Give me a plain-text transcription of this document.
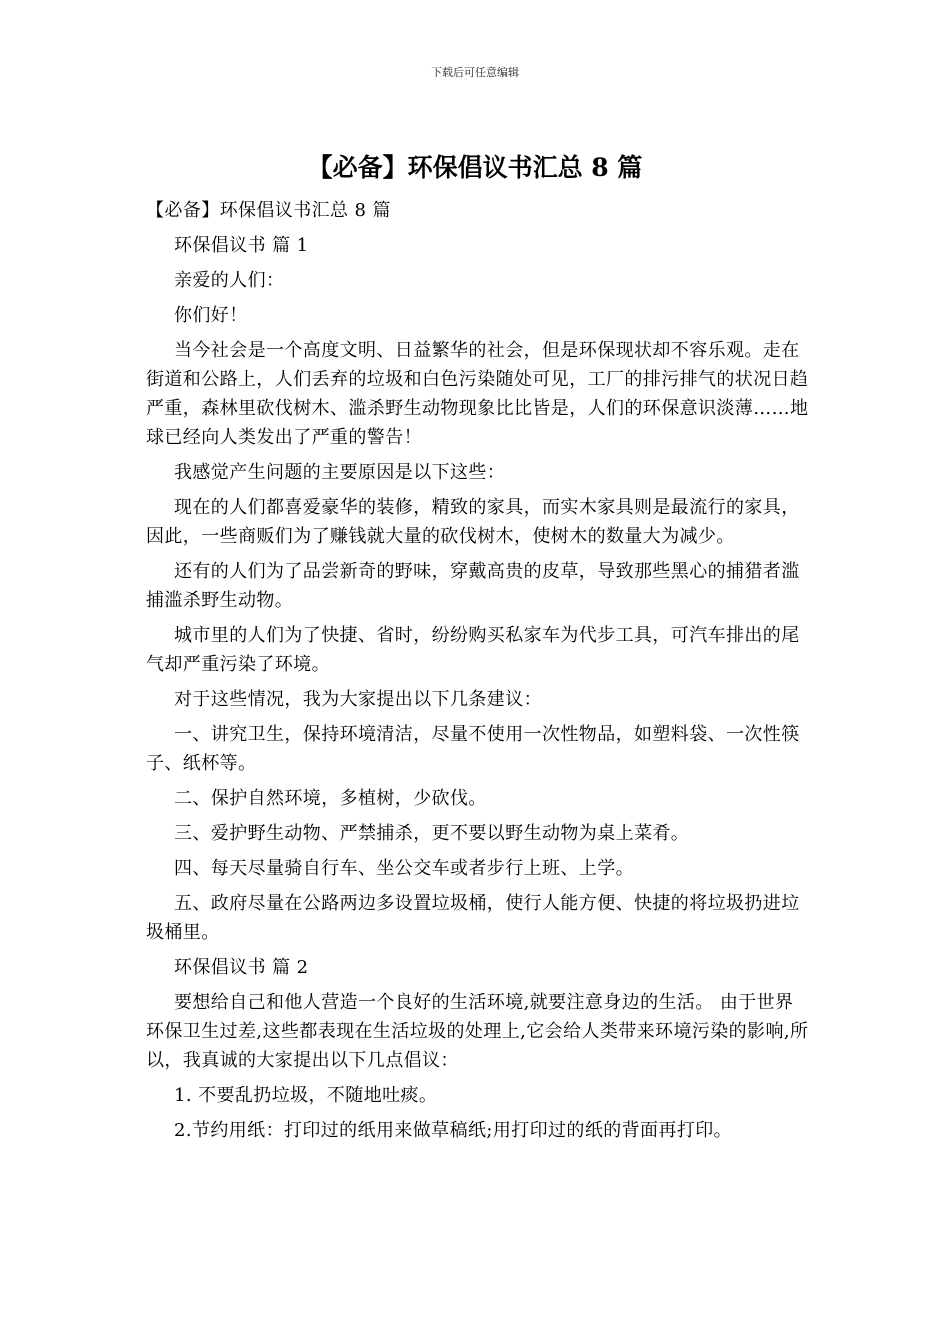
下载后可任意编辑
【必备】环保倡议书汇总 8 篇

【必备】环保倡议书汇总 8 篇

环保倡议书 篇 1

亲爱的人们：

你们好！

当今社会是一个高度文明、日益繁华的社会，但是环保现状却不容乐观。走在街道和公路上，人们丢弃的垃圾和白色污染随处可见，工厂的排污排气的状况日趋严重，森林里砍伐树木、滥杀野生动物现象比比皆是，人们的环保意识淡薄……地球已经向人类发出了严重的警告！

我感觉产生问题的主要原因是以下这些：

现在的人们都喜爱豪华的装修，精致的家具，而实木家具则是最流行的家具，因此，一些商贩们为了赚钱就大量的砍伐树木，使树木的数量大为减少。

还有的人们为了品尝新奇的野味，穿戴高贵的皮草，导致那些黑心的捕猎者滥捕滥杀野生动物。

城市里的人们为了快捷、省时，纷纷购买私家车为代步工具，可汽车排出的尾气却严重污染了环境。

对于这些情况，我为大家提出以下几条建议：

一、讲究卫生，保持环境清洁，尽量不使用一次性物品，如塑料袋、一次性筷子、纸杯等。

二、保护自然环境，多植树，少砍伐。

三、爱护野生动物、严禁捕杀，更不要以野生动物为桌上菜肴。

四、每天尽量骑自行车、坐公交车或者步行上班、上学。

五、政府尽量在公路两边多设置垃圾桶，使行人能方便、快捷的将垃圾扔进垃圾桶里。

环保倡议书 篇 2

要想给自己和他人营造一个良好的生活环境,就要注意身边的生活。 由于世界环保卫生过差,这些都表现在生活垃圾的处理上,它会给人类带来环境污染的影响,所以，我真诚的大家提出以下几点倡议：

1. 不要乱扔垃圾，不随地吐痰。

2.节约用纸：打印过的纸用来做草稿纸;用打印过的纸的背面再打印。
